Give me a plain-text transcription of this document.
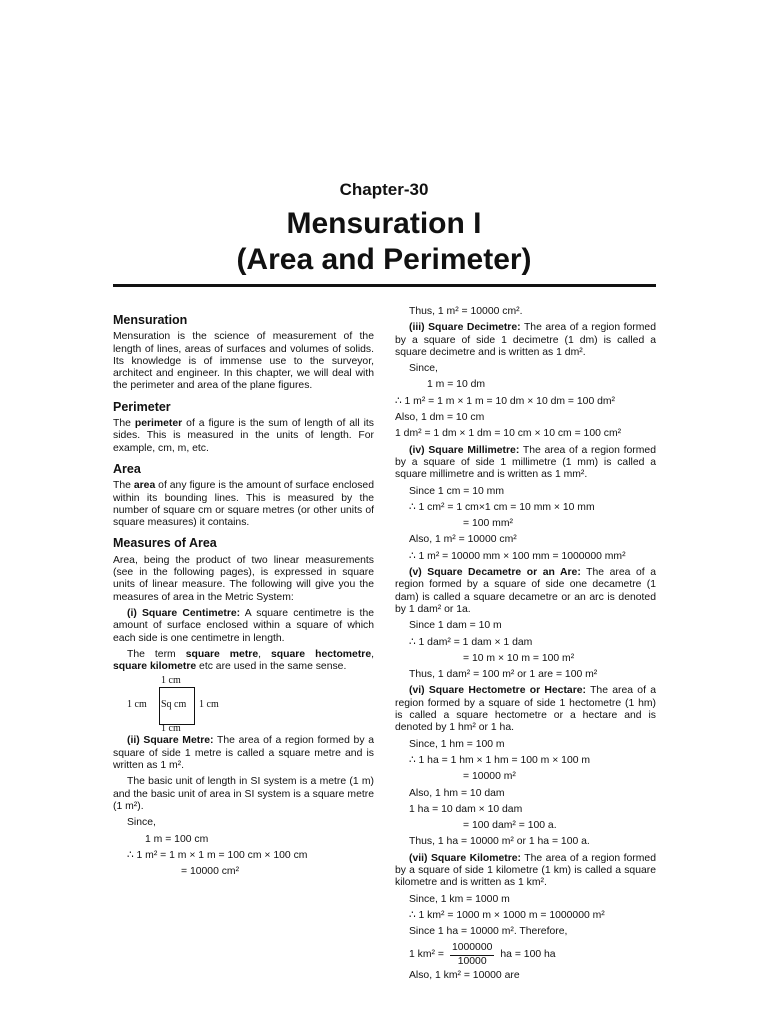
Chapter-30
Mensuration I
(Area and Perimeter)
Mensuration

Mensuration is the science of measurement of the length of lines, areas of surfaces and volumes of solids. Its knowledge is of immense use to the surveyor, architect and engineer. In this chapter, we will deal with the perimeter and area of the plane figures.

Perimeter

The perimeter of a figure is the sum of length of all its sides. This is measured in the units of length. For example, cm, m, etc.

Area

The area of any figure is the amount of surface enclosed within its bounding lines. This is measured by the number of square cm or square metres (or other units of square measures) it contains.

Measures of Area

Area, being the product of two linear measurements (see in the following pages), is expressed in square units of linear measure. The following will give you the measures of area in the Metric System:

(i) Square Centimetre: A square centimetre is the amount of surface enclosed within a square of which each side is one centimetre in length.

The term square metre, square hectometre, square kilometre etc are used in the same sense.

1 cm
1 cm Sq cm 1 cm
1 cm

(ii) Square Metre: The area of a region formed by a square of side 1 metre is called a square metre and is written as 1 m².

The basic unit of length in SI system is a metre (1 m) and the basic unit of area in SI system is a square metre (1 m²).

Since,

1 m = 100 cm

∴ 1 m² = 1 m × 1 m = 100 cm × 100 cm

= 10000 cm²

Thus, 1 m² = 10000 cm².

(iii) Square Decimetre: The area of a region formed by a square of side 1 decimetre (1 dm) is called a square decimetre and is written as 1 dm².

Since,

1 m = 10 dm

∴ 1 m² = 1 m × 1 m = 10 dm × 10 dm = 100 dm²

Also, 1 dm = 10 cm

1 dm² = 1 dm × 1 dm = 10 cm × 10 cm = 100 cm²

(iv) Square Millimetre: The area of a region formed by a square of side 1 millimetre (1 mm) is called a square millimetre and is written as 1 mm².

Since 1 cm = 10 mm

∴ 1 cm² = 1 cm×1 cm = 10 mm × 10 mm

= 100 mm²

Also, 1 m² = 10000 cm²

∴ 1 m² = 10000 mm × 100 mm = 1000000 mm²

(v) Square Decametre or an Are: The area of a region formed by a square of side one decametre (1 dam) is called a square decametre or an arc is denoted by 1 dam² or 1a.

Since 1 dam = 10 m

∴ 1 dam² = 1 dam × 1 dam

= 10 m × 10 m = 100 m²

Thus, 1 dam² = 100 m² or 1 are = 100 m²

(vi) Square Hectometre or Hectare: The area of a region formed by a square of side 1 hectometre (1 hm) is called a square hectometre or a hectare and is denoted by 1 hm² or 1 ha.

Since, 1 hm = 100 m

∴ 1 ha = 1 hm × 1 hm = 100 m × 100 m

= 10000 m²

Also, 1 hm = 10 dam

1 ha = 10 dam × 10 dam

= 100 dam² = 100 a.

Thus, 1 ha = 10000 m² or 1 ha = 100 a.

(vii) Square Kilometre: The area of a region formed by a square of side 1 kilometre (1 km) is called a square kilometre and is written as 1 km².

Since, 1 km = 1000 m

∴ 1 km² = 1000 m × 1000 m = 1000000 m²

Since 1 ha = 10000 m². Therefore,

1 $km^2 = \frac{1000000}{10000}$ ha = 100 ha

Also, 1 km² = 10000 are
